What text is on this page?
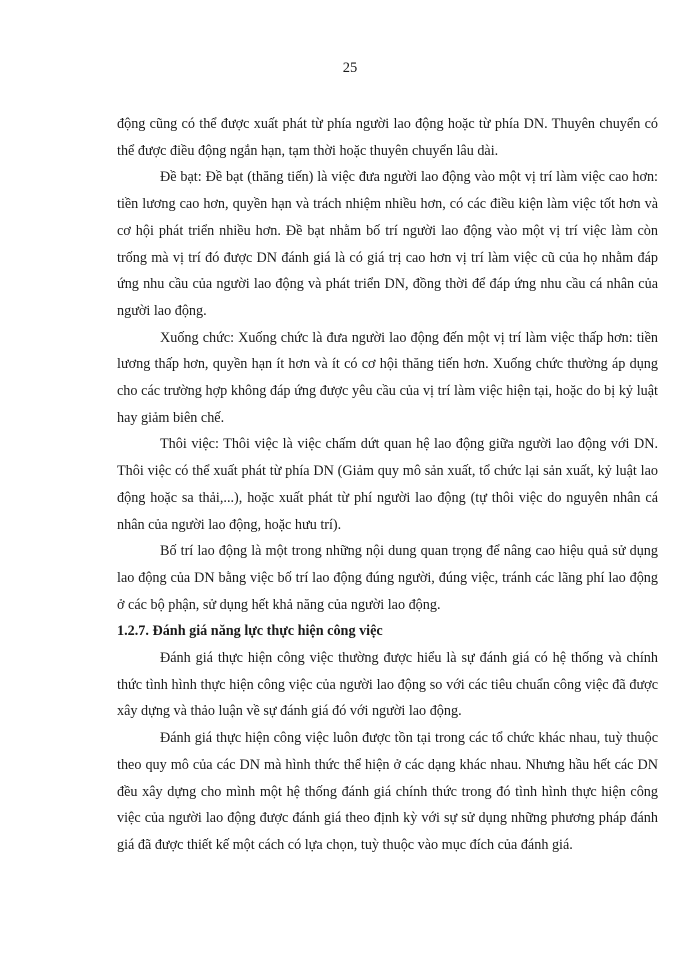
25

động cũng có thể được xuất phát từ phía người lao động hoặc từ phía DN. Thuyên chuyển có thể được điều động ngắn hạn, tạm thời hoặc thuyên chuyển lâu dài.

Đề bạt: Đề bạt (thăng tiến) là việc đưa người lao động vào một vị trí làm việc cao hơn: tiền lương cao hơn, quyền hạn và trách nhiệm nhiều hơn, có các điều kiện làm việc tốt hơn và cơ hội phát triển nhiều hơn. Đề bạt nhằm bố trí người lao động vào một vị trí việc làm còn trống mà vị trí đó được DN đánh giá là có giá trị cao hơn vị trí làm việc cũ của họ nhằm đáp ứng nhu cầu của người lao động và phát triển DN, đồng thời để đáp ứng nhu cầu cá nhân của người lao động.

Xuống chức: Xuống chức là đưa người lao động đến một vị trí làm việc thấp hơn: tiền lương thấp hơn, quyền hạn ít hơn và ít có cơ hội thăng tiến hơn. Xuống chức thường áp dụng cho các trường hợp không đáp ứng được yêu cầu của vị trí làm việc hiện tại, hoặc do bị kỷ luật hay giảm biên chế.

Thôi việc: Thôi việc là việc chấm dứt quan hệ lao động giữa người lao động với DN. Thôi việc có thể xuất phát từ phía DN (Giảm quy mô sản xuất, tổ chức lại sản xuất, kỷ luật lao động hoặc sa thải,...), hoặc xuất phát từ phí người lao động (tự thôi việc do nguyên nhân cá nhân của người lao động, hoặc hưu trí).

Bố trí lao động là một trong những nội dung quan trọng để nâng cao hiệu quả sử dụng lao động của DN bằng việc bố trí lao động đúng người, đúng việc, tránh các lãng phí lao động ở các bộ phận, sử dụng hết khả năng của người lao động.

1.2.7. Đánh giá năng lực thực hiện công việc

Đánh giá thực hiện công việc thường được hiểu là sự đánh giá có hệ thống và chính thức tình hình thực hiện công việc của người lao động so với các tiêu chuẩn công việc đã được xây dựng và thảo luận về sự đánh giá đó với người lao động.

Đánh giá thực hiện công việc luôn được tồn tại trong các tổ chức khác nhau, tuỳ thuộc theo quy mô của các DN mà hình thức thể hiện ở các dạng khác nhau. Nhưng hầu hết các DN đều xây dựng cho mình một hệ thống đánh giá chính thức trong đó tình hình thực hiện công việc của người lao động được đánh giá theo định kỳ với sự sử dụng những phương pháp đánh giá đã được thiết kế một cách có lựa chọn, tuỳ thuộc vào mục đích của đánh giá.
